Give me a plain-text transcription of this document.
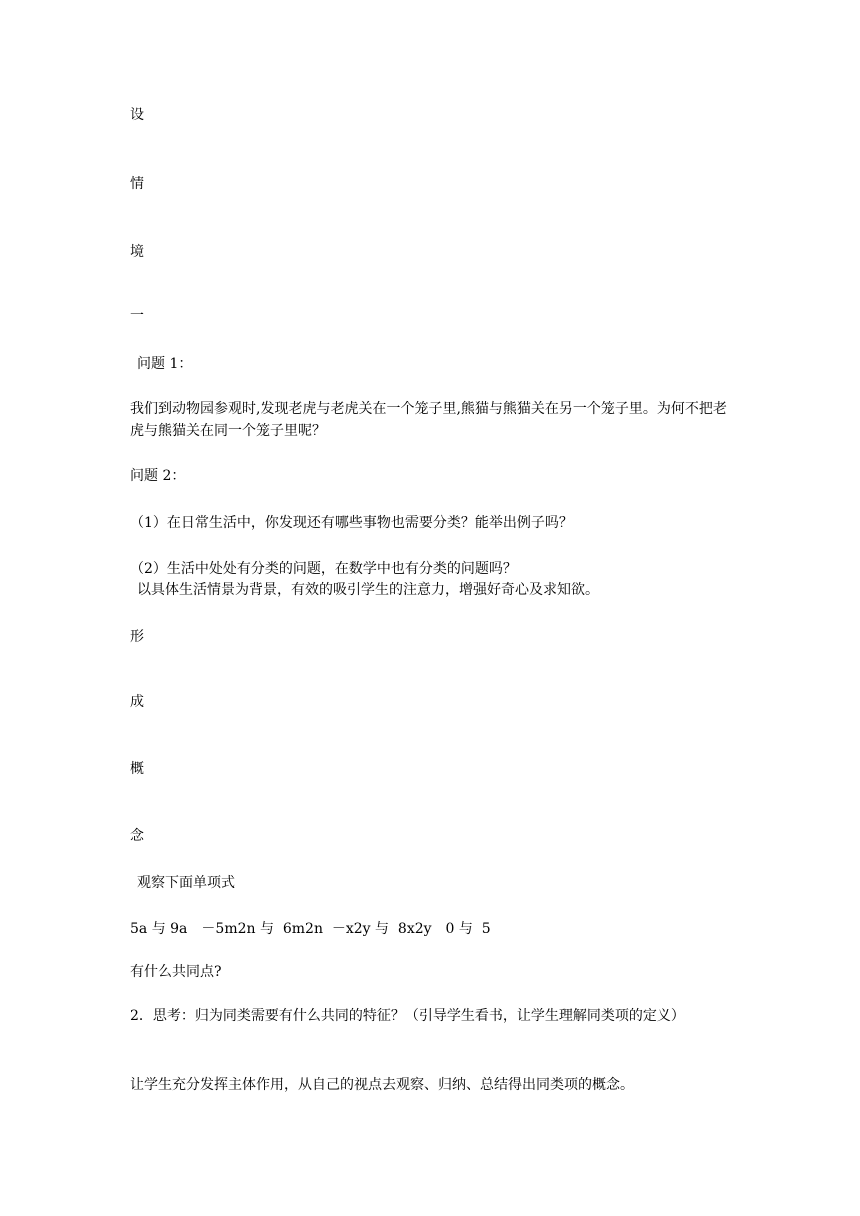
设
情
境
一
问题 1：
我们到动物园参观时,发现老虎与老虎关在一个笼子里,熊猫与熊猫关在另一个笼子里。为何不把老虎与熊猫关在同一个笼子里呢？
问题 2：
（1）在日常生活中，你发现还有哪些事物也需要分类？能举出例子吗？
（2）生活中处处有分类的问题，在数学中也有分类的问题吗？
以具体生活情景为背景，有效的吸引学生的注意力，增强好奇心及求知欲。
形
成
概
念
观察下面单项式
5a 与 9a　－5m2n 与  6m2n  －x2y 与  8x2y　0 与  5
有什么共同点?
2．思考：归为同类需要有什么共同的特征？（引导学生看书，让学生理解同类项的定义）
让学生充分发挥主体作用，从自己的视点去观察、归纳、总结得出同类项的概念。
